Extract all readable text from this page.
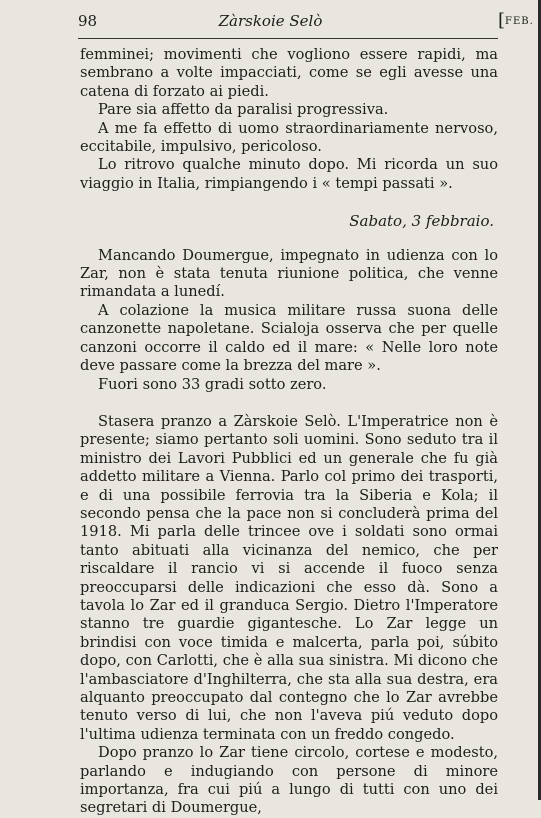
98	Zàrskoie Selò	[ FEB.

femminei; movimenti che vogliono essere rapidi, ma sembrano a volte impacciati, come se egli avesse una catena di forzato ai piedi.

Pare sia affetto da paralisi progressiva.

A me fa effetto di uomo straordinariamente nervoso, eccitabile, impulsivo, pericoloso.

Lo ritrovo qualche minuto dopo. Mi ricorda un suo viaggio in Italia, rimpiangendo i « tempi passati ».

Sabato, 3 febbraio.

Mancando Doumergue, impegnato in udienza con lo Zar, non è stata tenuta riunione politica, che venne rimandata a lunedí.

A colazione la musica militare russa suona delle canzonette napoletane. Scialoja osserva che per quelle canzoni occorre il caldo ed il mare: « Nelle loro note deve passare come la brezza del mare ».

Fuori sono 33 gradi sotto zero.

Stasera pranzo a Zàrskoie Selò. L'Imperatrice non è presente; siamo pertanto soli uomini. Sono seduto tra il ministro dei Lavori Pubblici ed un generale che fu già addetto militare a Vienna. Parlo col primo dei trasporti, e di una possibile ferrovia tra la Siberia e Kola; il secondo pensa che la pace non si concluderà prima del 1918. Mi parla delle trincee ove i soldati sono ormai tanto abituati alla vicinanza del nemico, che per riscaldare il rancio vi si accende il fuoco senza preoccuparsi delle indicazioni che esso dà. Sono a tavola lo Zar ed il granduca Sergio. Dietro l'Imperatore stanno tre guardie gigantesche. Lo Zar legge un brindisi con voce timida e malcerta, parla poi, súbito dopo, con Carlotti, che è alla sua sinistra. Mi dicono che l'ambasciatore d'Inghilterra, che sta alla sua destra, era alquanto preoccupato dal contegno che lo Zar avrebbe tenuto verso di lui, che non l'aveva piú veduto dopo l'ultima udienza terminata con un freddo congedo.

Dopo pranzo lo Zar tiene circolo, cortese e modesto, parlando e indugiando con persone di minore importanza, fra cui piú a lungo di tutti con uno dei segretari di Doumergue,
